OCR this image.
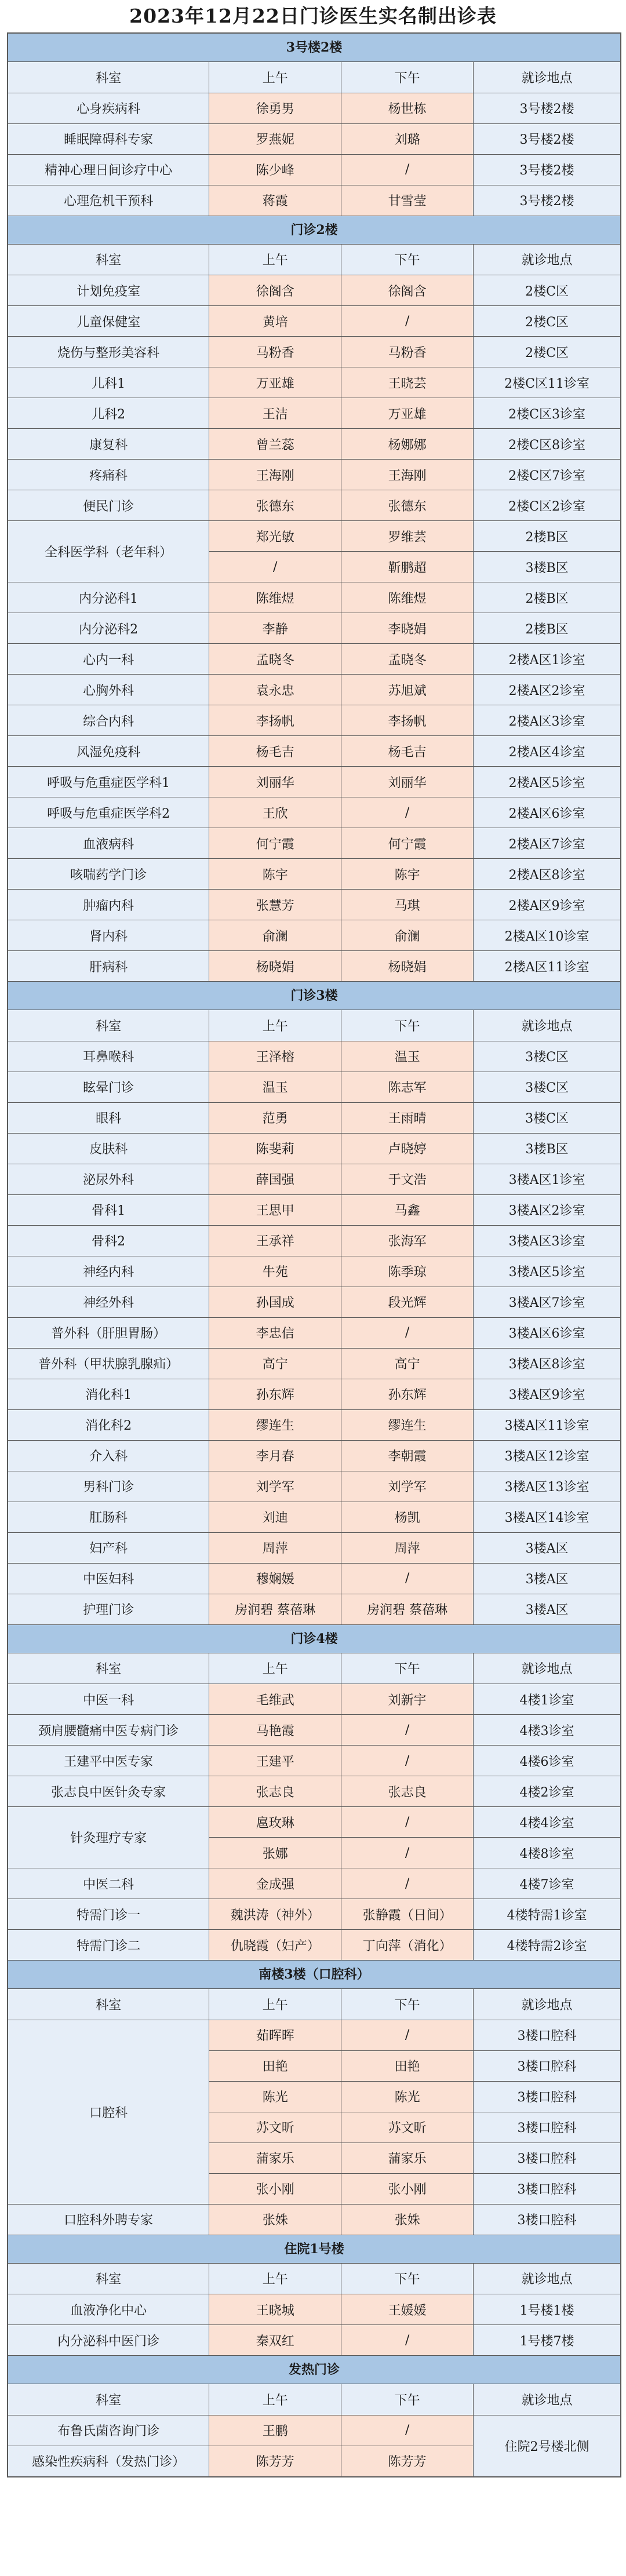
2023年12月22日门诊医生实名制出诊表
3号楼2楼
科室	上午	下午	就诊地点
心身疾病科	徐勇男	杨世栋	3号楼2楼
睡眠障碍科专家	罗燕妮	刘璐	3号楼2楼
精神心理日间诊疗中心	陈少峰	/	3号楼2楼
心理危机干预科	蒋霞	甘雪莹	3号楼2楼
门诊2楼
科室	上午	下午	就诊地点
计划免疫室	徐阁含	徐阁含	2楼C区
儿童保健室	黄培	/	2楼C区
烧伤与整形美容科	马粉香	马粉香	2楼C区
儿科1	万亚雄	王晓芸	2楼C区11诊室
儿科2	王洁	万亚雄	2楼C区3诊室
康复科	曾兰蕊	杨娜娜	2楼C区8诊室
疼痛科	王海刚	王海刚	2楼C区7诊室
便民门诊	张德东	张德东	2楼C区2诊室
全科医学科（老年科）	郑光敏	罗维芸	2楼B区
	/	靳鹏超	3楼B区
内分泌科1	陈维煜	陈维煜	2楼B区
内分泌科2	李静	李晓娟	2楼B区
心内一科	孟晓冬	孟晓冬	2楼A区1诊室
心胸外科	袁永忠	苏旭斌	2楼A区2诊室
综合内科	李扬帆	李扬帆	2楼A区3诊室
风湿免疫科	杨毛吉	杨毛吉	2楼A区4诊室
呼吸与危重症医学科1	刘丽华	刘丽华	2楼A区5诊室
呼吸与危重症医学科2	王欣	/	2楼A区6诊室
血液病科	何宁霞	何宁霞	2楼A区7诊室
咳喘药学门诊	陈宇	陈宇	2楼A区8诊室
肿瘤内科	张慧芳	马琪	2楼A区9诊室
肾内科	俞澜	俞澜	2楼A区10诊室
肝病科	杨晓娟	杨晓娟	2楼A区11诊室
门诊3楼
科室	上午	下午	就诊地点
耳鼻喉科	王泽榕	温玉	3楼C区
眩晕门诊	温玉	陈志军	3楼C区
眼科	范勇	王雨晴	3楼C区
皮肤科	陈斐莉	卢晓婷	3楼B区
泌尿外科	薛国强	于文浩	3楼A区1诊室
骨科1	王思甲	马鑫	3楼A区2诊室
骨科2	王承祥	张海军	3楼A区3诊室
神经内科	牛苑	陈季琼	3楼A区5诊室
神经外科	孙国成	段光辉	3楼A区7诊室
普外科（肝胆胃肠）	李忠信	/	3楼A区6诊室
普外科（甲状腺乳腺疝）	高宁	高宁	3楼A区8诊室
消化科1	孙东辉	孙东辉	3楼A区9诊室
消化科2	缪连生	缪连生	3楼A区11诊室
介入科	李月春	李朝霞	3楼A区12诊室
男科门诊	刘学军	刘学军	3楼A区13诊室
肛肠科	刘迪	杨凯	3楼A区14诊室
妇产科	周萍	周萍	3楼A区
中医妇科	穆娴媛	/	3楼A区
护理门诊	房润碧 蔡蓓琳	房润碧 蔡蓓琳	3楼A区
门诊4楼
科室	上午	下午	就诊地点
中医一科	毛维武	刘新宇	4楼1诊室
颈肩腰髓痛中医专病门诊	马艳霞	/	4楼3诊室
王建平中医专家	王建平	/	4楼6诊室
张志良中医针灸专家	张志良	张志良	4楼2诊室
针灸理疗专家	扈玫琳	/	4楼4诊室
	张娜	/	4楼8诊室
中医二科	金成强	/	4楼7诊室
特需门诊一	魏洪涛（神外）	张静霞（日间）	4楼特需1诊室
特需门诊二	仇晓霞（妇产）	丁向萍（消化）	4楼特需2诊室
南楼3楼（口腔科）
科室	上午	下午	就诊地点
口腔科	茹晖晖	/	3楼口腔科
	田艳	田艳	3楼口腔科
	陈光	陈光	3楼口腔科
	苏文昕	苏文昕	3楼口腔科
	蒲家乐	蒲家乐	3楼口腔科
	张小刚	张小刚	3楼口腔科
口腔科外聘专家	张姝	张姝	3楼口腔科
住院1号楼
科室	上午	下午	就诊地点
血液净化中心	王晓城	王媛媛	1号楼1楼
内分泌科中医门诊	秦双红	/	1号楼7楼
发热门诊
科室	上午	下午	就诊地点
布鲁氏菌咨询门诊	王鹏	/	住院2号楼北侧
感染性疾病科（发热门诊）	陈芳芳	陈芳芳	
